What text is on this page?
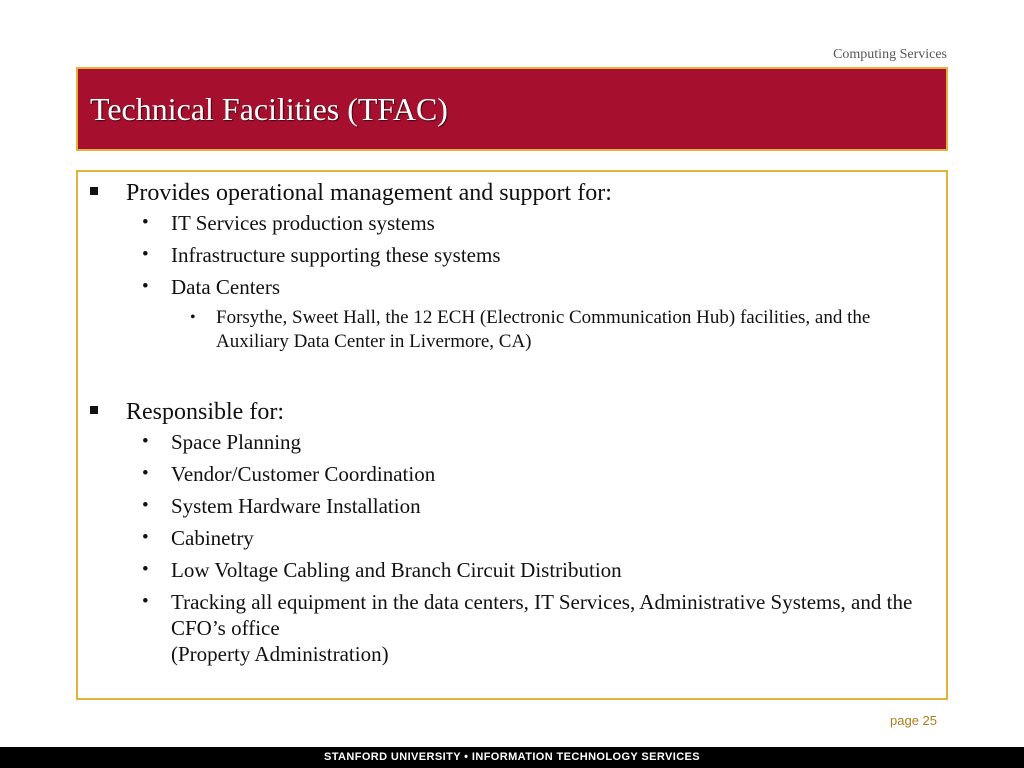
Computing Services
Technical Facilities (TFAC)
Provides operational management and support for:
• IT Services production systems
• Infrastructure supporting these systems
• Data Centers
• Forsythe, Sweet Hall, the 12 ECH (Electronic Communication Hub) facilities, and the Auxiliary Data Center in Livermore, CA)
Responsible for:
• Space Planning
• Vendor/Customer Coordination
• System Hardware Installation
• Cabinetry
• Low Voltage Cabling and Branch Circuit Distribution
• Tracking all equipment in the data centers, IT Services, Administrative Systems, and the CFO’s office
(Property Administration)
page 25
STANFORD UNIVERSITY • INFORMATION TECHNOLOGY SERVICES
